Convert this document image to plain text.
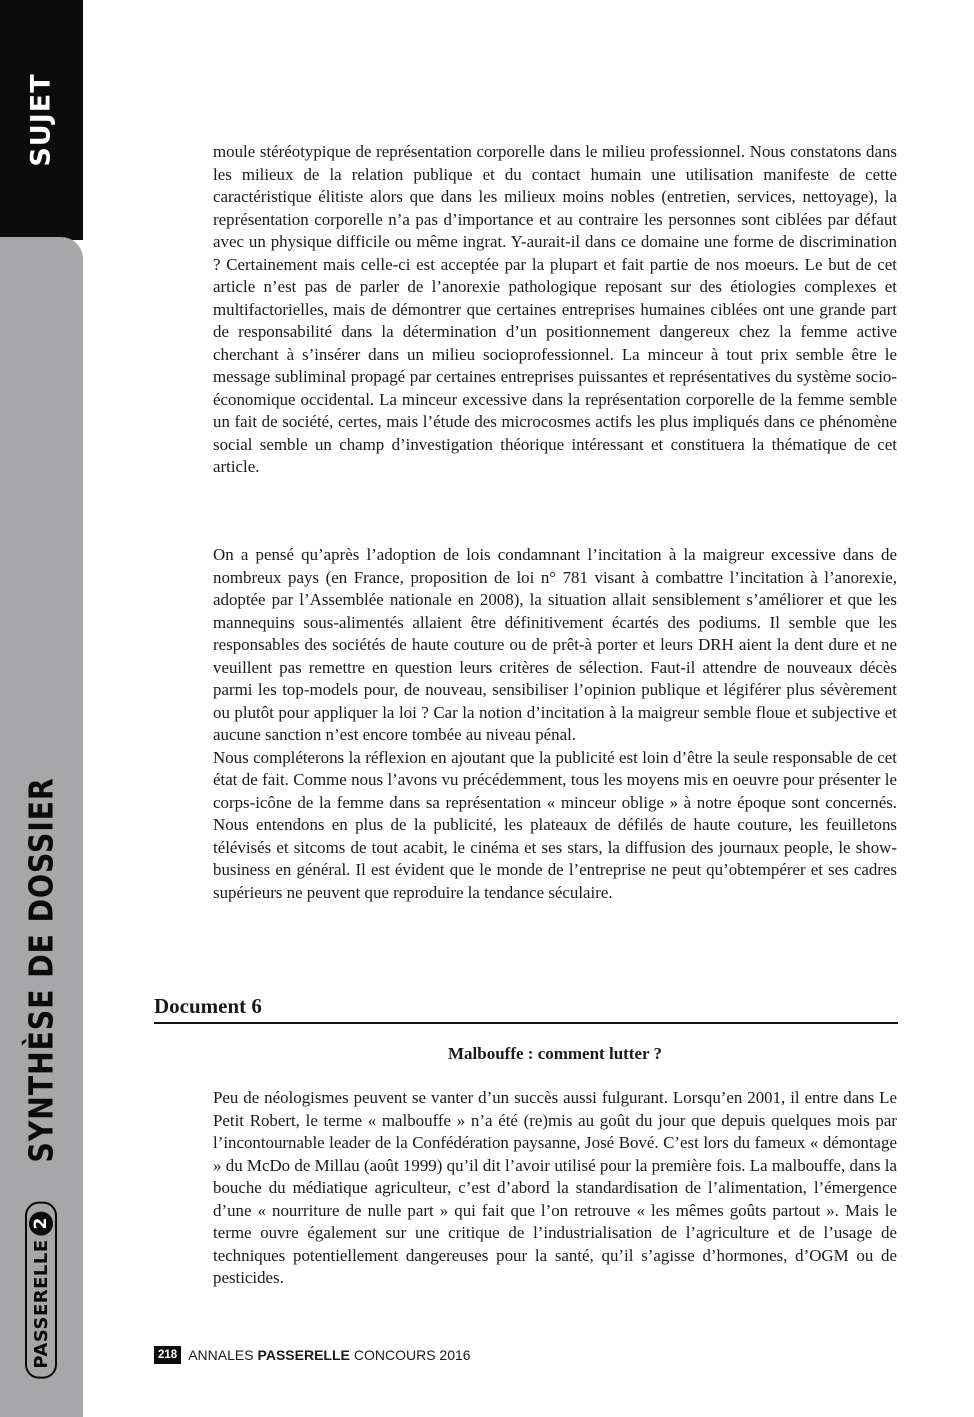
SUJET
SYNTHÈSE DE DOSSIER
PASSERELLE
2

moule stéréotypique de représentation corporelle dans le milieu professionnel. Nous constatons dans les milieux de la relation publique et du contact humain une utilisation manifeste de cette caractéristique élitiste alors que dans les milieux moins nobles (entretien, services, nettoyage), la représentation corporelle n’a pas d’importance et au contraire les personnes sont ciblées par défaut avec un physique difficile ou même ingrat. Y-aurait-il dans ce domaine une forme de discrimination ? Certainement mais celle-ci est acceptée par la plupart et fait partie de nos moeurs. Le but de cet article n’est pas de parler de l’anorexie pathologique reposant sur des étiologies complexes et multifactorielles, mais de démontrer que certaines entreprises humaines ciblées ont une grande part de responsabilité dans la détermination d’un positionnement dangereux chez la femme active cherchant à s’insérer dans un milieu socioprofessionnel. La minceur à tout prix semble être le message subliminal propagé par certaines entreprises puissantes et représentatives du système socio-économique occidental. La minceur excessive dans la représentation corporelle de la femme semble un fait de société, certes, mais l’étude des microcosmes actifs les plus impliqués dans ce phénomène social semble un champ d’investigation théorique intéressant et constituera la thématique de cet article.

On a pensé qu’après l’adoption de lois condamnant l’incitation à la maigreur excessive dans de nombreux pays (en France, proposition de loi n° 781 visant à combattre l’incitation à l’anorexie, adoptée par l’Assemblée nationale en 2008), la situation allait sensiblement s’améliorer et que les mannequins sous-alimentés allaient être définitivement écartés des podiums. Il semble que les responsables des sociétés de haute couture ou de prêt-à porter et leurs DRH aient la dent dure et ne veuillent pas remettre en question leurs critères de sélection. Faut-il attendre de nouveaux décès parmi les top-models pour, de nouveau, sensibiliser l’opinion publique et légiférer plus sévèrement ou plutôt pour appliquer la loi ? Car la notion d’incitation à la maigreur semble floue et subjective et aucune sanction n’est encore tombée au niveau pénal.

Nous compléterons la réflexion en ajoutant que la publicité est loin d’être la seule responsable de cet état de fait. Comme nous l’avons vu précédemment, tous les moyens mis en oeuvre pour présenter le corps-icône de la femme dans sa représentation « minceur oblige » à notre époque sont concernés. Nous entendons en plus de la publicité, les plateaux de défilés de haute couture, les feuilletons télévisés et sitcoms de tout acabit, le cinéma et ses stars, la diffusion des journaux people, le show-business en général. Il est évident que le monde de l’entreprise ne peut qu’obtempérer et ses cadres supérieurs ne peuvent que reproduire la tendance séculaire.

Document 6
Malbouffe : comment lutter ?

Peu de néologismes peuvent se vanter d’un succès aussi fulgurant. Lorsqu’en 2001, il entre dans Le Petit Robert, le terme « malbouffe » n’a été (re)mis au goût du jour que depuis quelques mois par l’incontournable leader de la Confédération paysanne, José Bové. C’est lors du fameux « démontage » du McDo de Millau (août 1999) qu’il dit l’avoir utilisé pour la première fois. La malbouffe, dans la bouche du médiatique agriculteur, c’est d’abord la standardisation de l’alimentation, l’émergence d’une « nourriture de nulle part » qui fait que l’on retrouve « les mêmes goûts partout ». Mais le terme ouvre également sur une critique de l’industrialisation de l’agriculture et de l’usage de techniques potentiellement dangereuses pour la santé, qu’il s’agisse d’hormones, d’OGM ou de pesticides.

218 ANNALES PASSERELLE CONCOURS 2016
